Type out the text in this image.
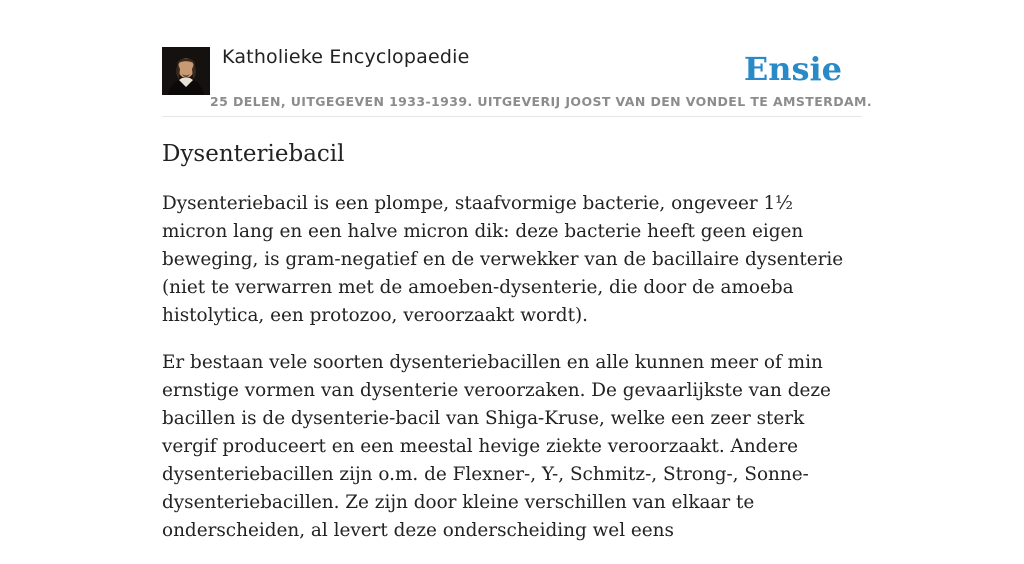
Katholieke Encyclopaedie
25 DELEN, UITGEGEVEN 1933-1939. UITGEVERIJ JOOST VAN DEN VONDEL TE AMSTERDAM.
Ensie
Dysenteriebacil

Dysenteriebacil is een plompe, staafvormige bacterie, ongeveer 1½ micron lang en een halve micron dik: deze bacterie heeft geen eigen beweging, is gram-negatief en de verwekker van de bacillaire dysenterie (niet te verwarren met de amoeben-dysenterie, die door de amoeba histolytica, een protozoo, veroorzaakt wordt).

Er bestaan vele soorten dysenteriebacillen en alle kunnen meer of min ernstige vormen van dysenterie veroorzaken. De gevaarlijkste van deze bacillen is de dysenterie-bacil van Shiga-Kruse, welke een zeer sterk vergif produceert en een meestal hevige ziekte veroorzaakt. Andere dysenteriebacillen zijn o.m. de Flexner-, Y-, Schmitz-, Strong-, Sonne-dysenteriebacillen. Ze zijn door kleine verschillen van elkaar te onderscheiden, al levert deze onderscheiding wel eens
